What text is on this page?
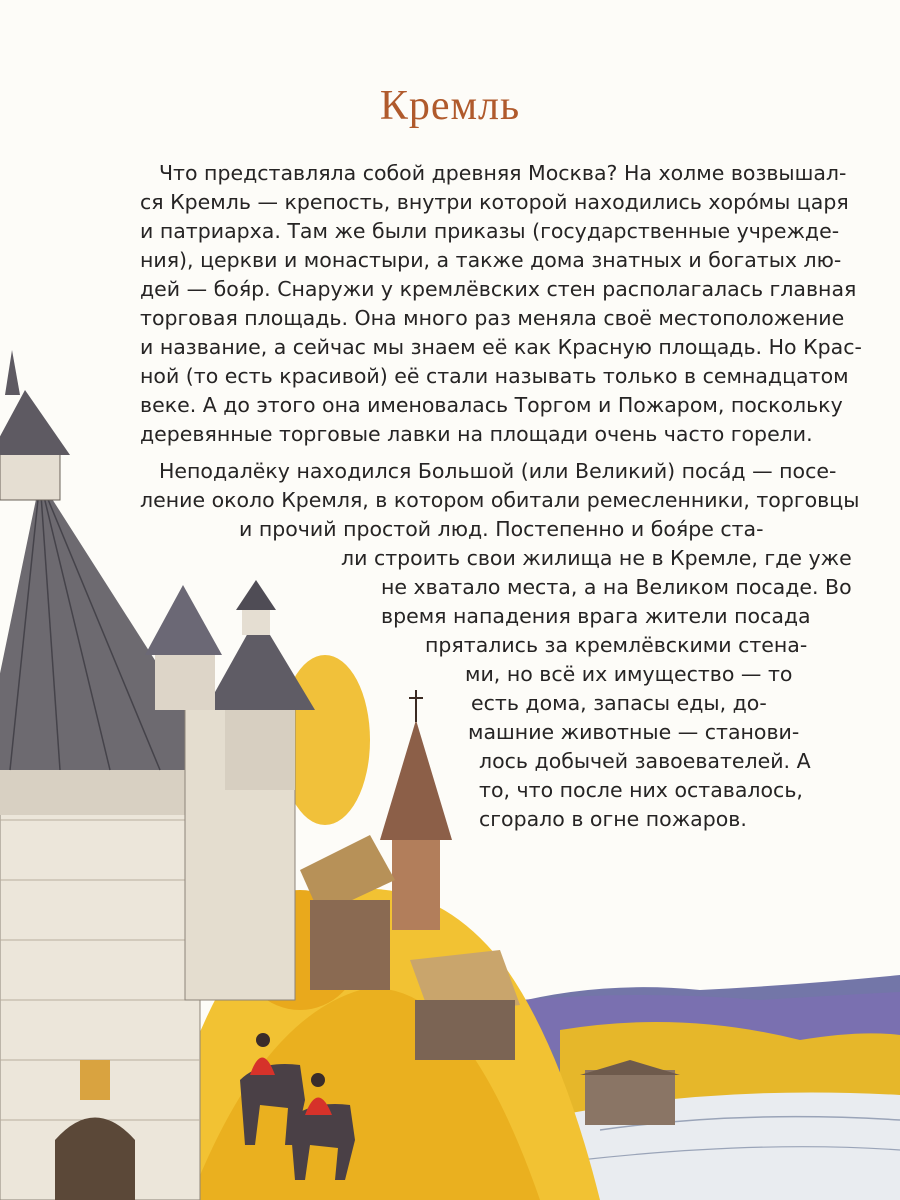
Кремль
Что представляла собой древняя Москва? На холме возвышал-
ся Кремль — крепость, внутри которой находились хоро́мы царя
и патриарха. Там же были приказы (государственные учрежде-
ния), церкви и монастыри, а также дома знатных и богатых лю-
дей — боя́р. Снаружи у кремлёвских стен располагалась главная
торговая площадь. Она много раз меняла своё местоположение
и название, а сейчас мы знаем её как Красную площадь. Но Крас-
ной (то есть красивой) её стали называть только в семнадцатом
веке. А до этого она именовалась Торгом и Пожаром, поскольку
деревянные торговые лавки на площади очень часто горели.
Неподалёку находился Большой (или Великий) поса́д — посе-
ление около Кремля, в котором обитали ремесленники, торговцы
и прочий простой люд. Постепенно и боя́ре ста-
ли строить свои жилища не в Кремле, где уже
не хватало места, а на Великом посаде. Во
время нападения врага жители посада
прятались за кремлёвскими стена-
ми, но всё их имущество — то
есть дома, запасы еды, до-
машние животные — станови-
лось добычей завоевателей. А
то, что после них оставалось,
сгорало в огне пожаров.
